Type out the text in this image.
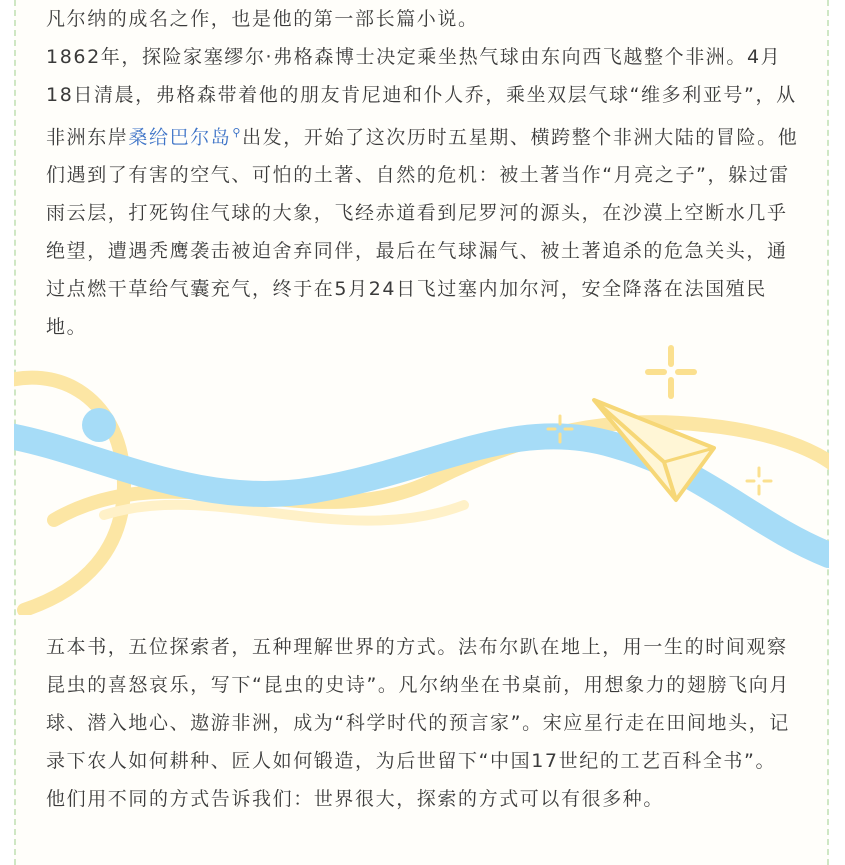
凡尔纳的成名之作，也是他的第一部长篇小说。

1862年，探险家塞缪尔·弗格森博士决定乘坐热气球由东向西飞越整个非洲。4月18日清晨，弗格森带着他的朋友肯尼迪和仆人乔，乘坐双层气球“维多利亚号”，从非洲东岸桑给巴尔岛⚲出发，开始了这次历时五星期、横跨整个非洲大陆的冒险。他们遇到了有害的空气、可怕的土著、自然的危机：被土著当作“月亮之子”，躲过雷雨云层，打死钩住气球的大象，飞经赤道看到尼罗河的源头，在沙漠上空断水几乎绝望，遭遇秃鹰袭击被迫舍弃同伴，最后在气球漏气、被土著追杀的危急关头，通过点燃干草给气囊充气，终于在5月24日飞过塞内加尔河，安全降落在法国殖民地。

五本书，五位探索者，五种理解世界的方式。法布尔趴在地上，用一生的时间观察昆虫的喜怒哀乐，写下“昆虫的史诗”。凡尔纳坐在书桌前，用想象力的翅膀飞向月球、潜入地心、遨游非洲，成为“科学时代的预言家”。宋应星行走在田间地头，记录下农人如何耕种、匠人如何锻造，为后世留下“中国17世纪的工艺百科全书”。

他们用不同的方式告诉我们：世界很大，探索的方式可以有很多种。
